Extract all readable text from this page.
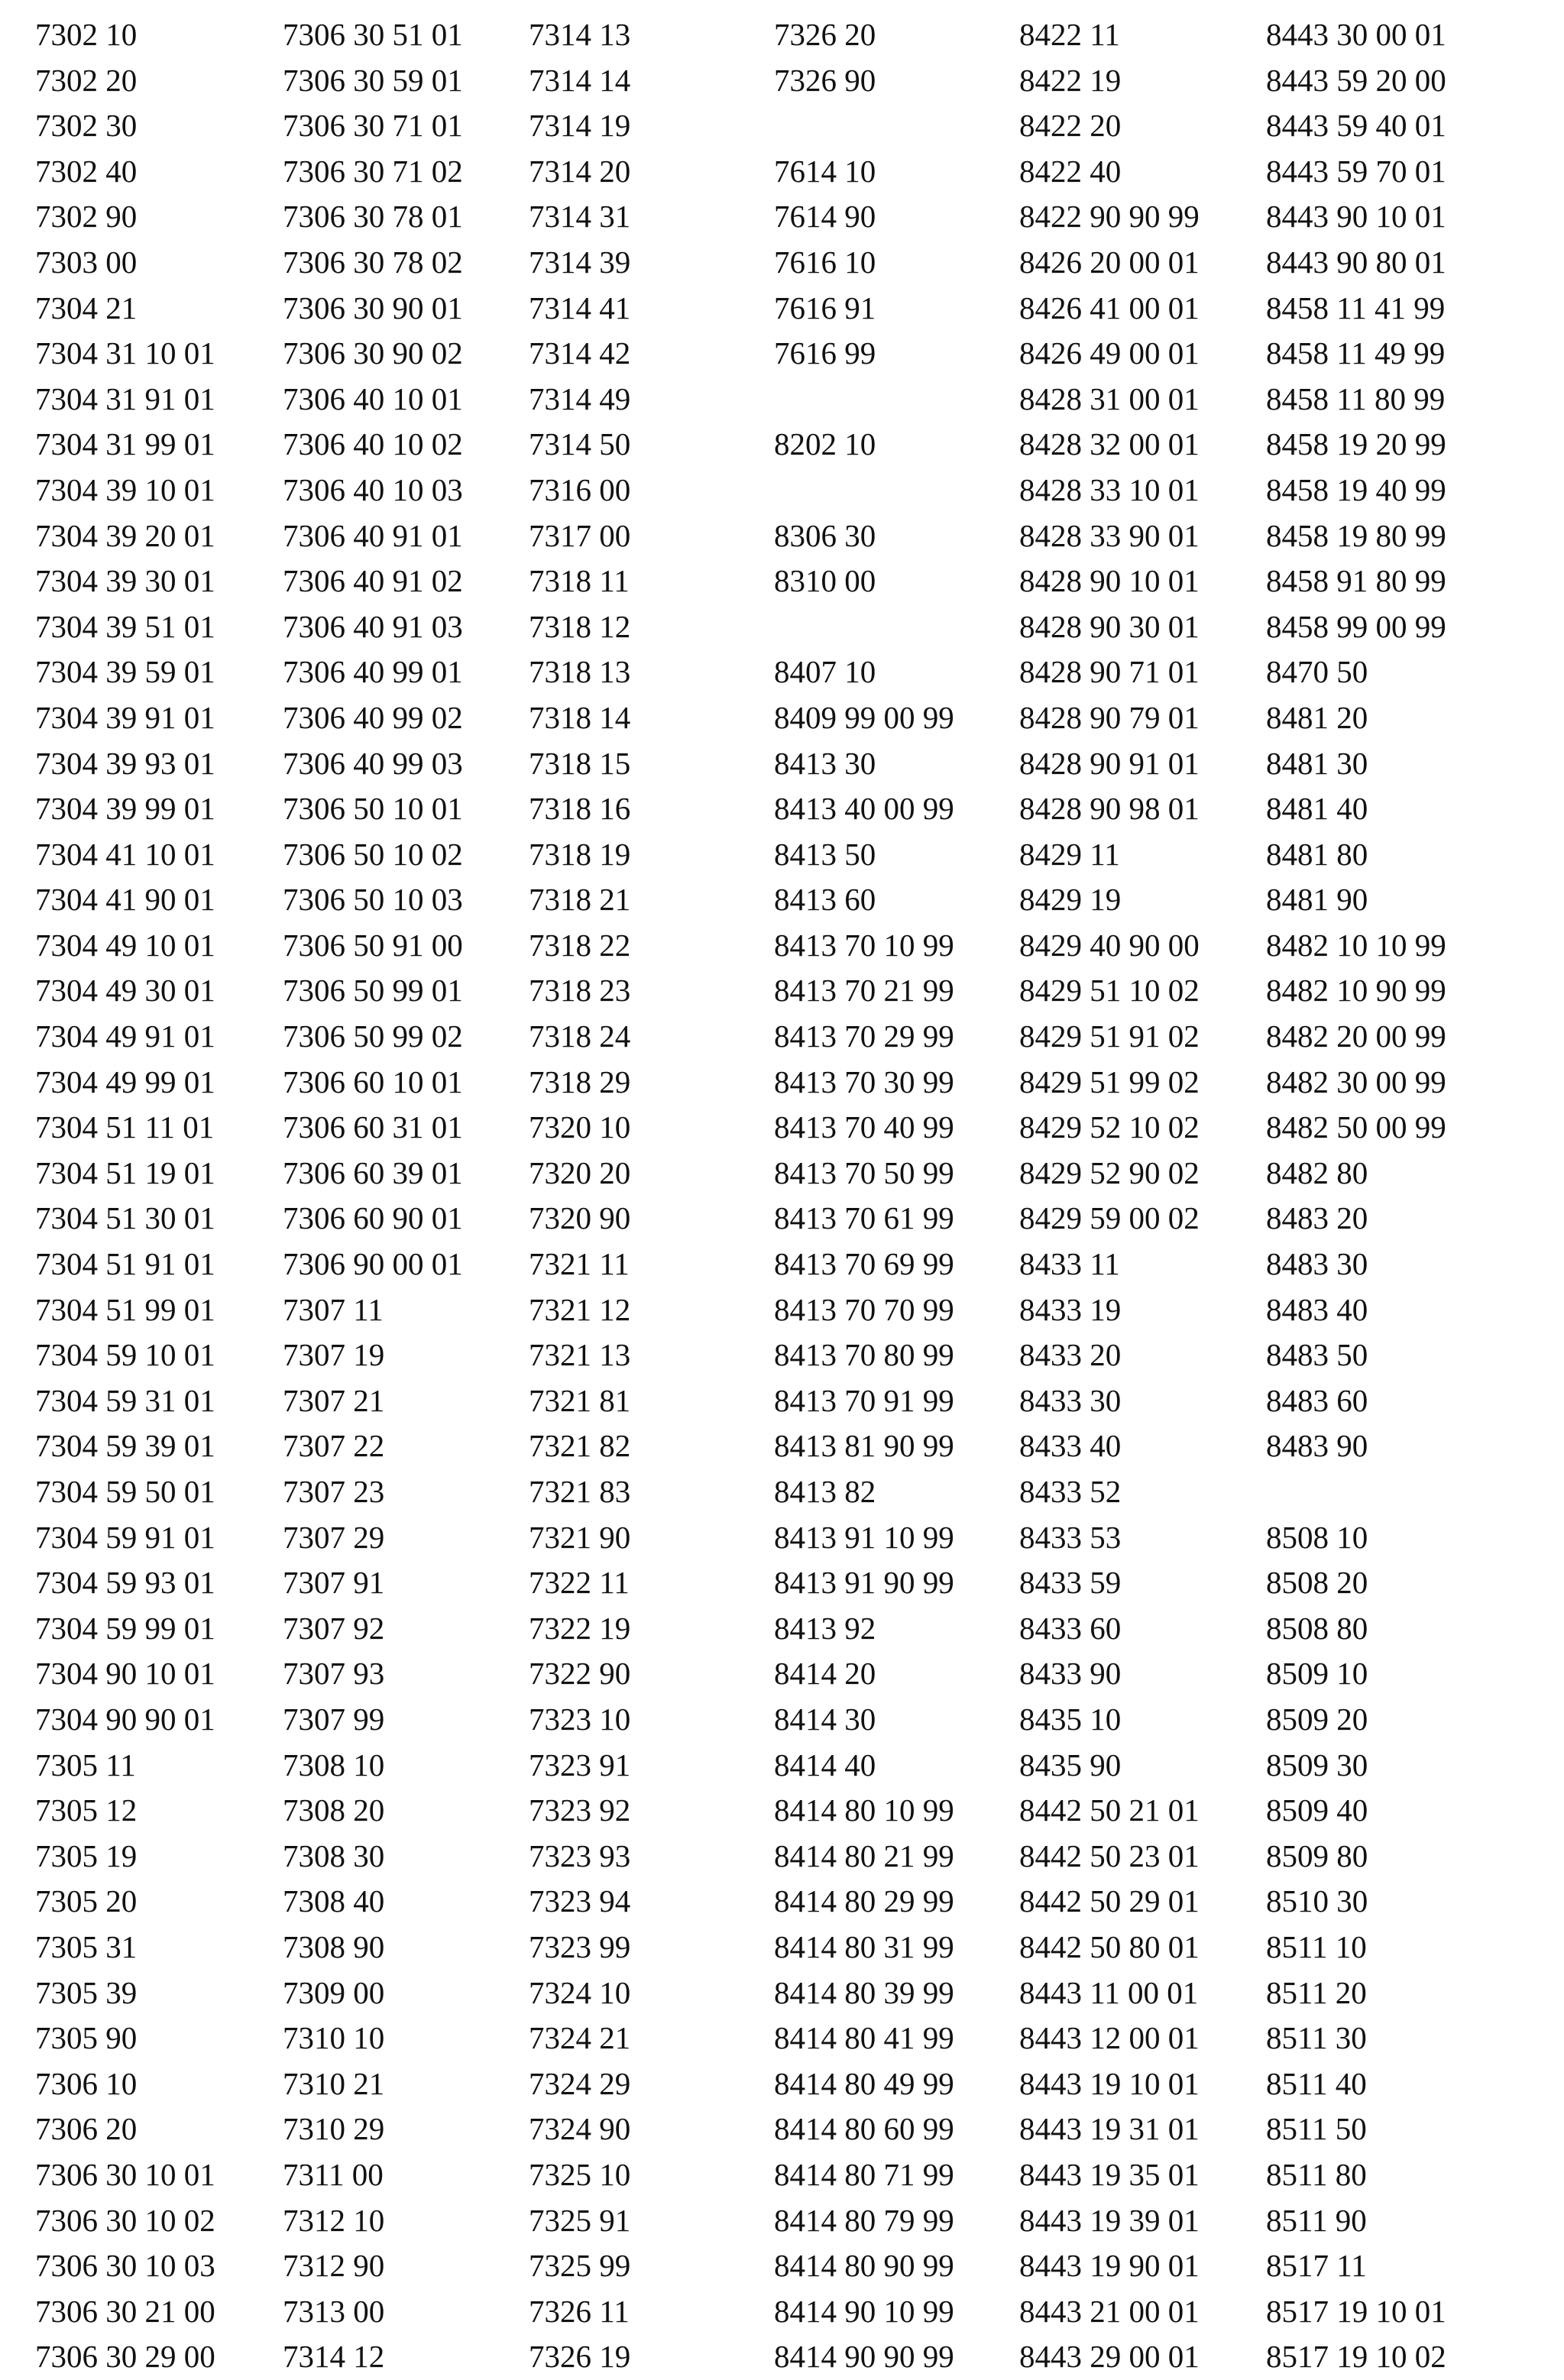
7302 10
7302 20
7302 30
7302 40
7302 90
7303 00
7304 21
7304 31 10 01
7304 31 91 01
7304 31 99 01
7304 39 10 01
7304 39 20 01
7304 39 30 01
7304 39 51 01
7304 39 59 01
7304 39 91 01
7304 39 93 01
7304 39 99 01
7304 41 10 01
7304 41 90 01
7304 49 10 01
7304 49 30 01
7304 49 91 01
7304 49 99 01
7304 51 11 01
7304 51 19 01
7304 51 30 01
7304 51 91 01
7304 51 99 01
7304 59 10 01
7304 59 31 01
7304 59 39 01
7304 59 50 01
7304 59 91 01
7304 59 93 01
7304 59 99 01
7304 90 10 01
7304 90 90 01
7305 11
7305 12
7305 19
7305 20
7305 31
7305 39
7305 90
7306 10
7306 20
7306 30 10 01
7306 30 10 02
7306 30 10 03
7306 30 21 00
7306 30 29 00
7306 30 51 01
7306 30 59 01
7306 30 71 01
7306 30 71 02
7306 30 78 01
7306 30 78 02
7306 30 90 01
7306 30 90 02
7306 40 10 01
7306 40 10 02
7306 40 10 03
7306 40 91 01
7306 40 91 02
7306 40 91 03
7306 40 99 01
7306 40 99 02
7306 40 99 03
7306 50 10 01
7306 50 10 02
7306 50 10 03
7306 50 91 00
7306 50 99 01
7306 50 99 02
7306 60 10 01
7306 60 31 01
7306 60 39 01
7306 60 90 01
7306 90 00 01
7307 11
7307 19
7307 21
7307 22
7307 23
7307 29
7307 91
7307 92
7307 93
7307 99
7308 10
7308 20
7308 30
7308 40
7308 90
7309 00
7310 10
7310 21
7310 29
7311 00
7312 10
7312 90
7313 00
7314 12
7314 13
7314 14
7314 19
7314 20
7314 31
7314 39
7314 41
7314 42
7314 49
7314 50
7316 00
7317 00
7318 11
7318 12
7318 13
7318 14
7318 15
7318 16
7318 19
7318 21
7318 22
7318 23
7318 24
7318 29
7320 10
7320 20
7320 90
7321 11
7321 12
7321 13
7321 81
7321 82
7321 83
7321 90
7322 11
7322 19
7322 90
7323 10
7323 91
7323 92
7323 93
7323 94
7323 99
7324 10
7324 21
7324 29
7324 90
7325 10
7325 91
7325 99
7326 11
7326 19
7326 20
7326 90
7614 10
7614 90
7616 10
7616 91
7616 99
8202 10
8306 30
8310 00
8407 10
8409 99 00 99
8413 30
8413 40 00 99
8413 50
8413 60
8413 70 10 99
8413 70 21 99
8413 70 29 99
8413 70 30 99
8413 70 40 99
8413 70 50 99
8413 70 61 99
8413 70 69 99
8413 70 70 99
8413 70 80 99
8413 70 91 99
8413 81 90 99
8413 82
8413 91 10 99
8413 91 90 99
8413 92
8414 20
8414 30
8414 40
8414 80 10 99
8414 80 21 99
8414 80 29 99
8414 80 31 99
8414 80 39 99
8414 80 41 99
8414 80 49 99
8414 80 60 99
8414 80 71 99
8414 80 79 99
8414 80 90 99
8414 90 10 99
8414 90 90 99
8422 11
8422 19
8422 20
8422 40
8422 90 90 99
8426 20 00 01
8426 41 00 01
8426 49 00 01
8428 31 00 01
8428 32 00 01
8428 33 10 01
8428 33 90 01
8428 90 10 01
8428 90 30 01
8428 90 71 01
8428 90 79 01
8428 90 91 01
8428 90 98 01
8429 11
8429 19
8429 40 90 00
8429 51 10 02
8429 51 91 02
8429 51 99 02
8429 52 10 02
8429 52 90 02
8429 59 00 02
8433 11
8433 19
8433 20
8433 30
8433 40
8433 52
8433 53
8433 59
8433 60
8433 90
8435 10
8435 90
8442 50 21 01
8442 50 23 01
8442 50 29 01
8442 50 80 01
8443 11 00 01
8443 12 00 01
8443 19 10 01
8443 19 31 01
8443 19 35 01
8443 19 39 01
8443 19 90 01
8443 21 00 01
8443 29 00 01
8443 30 00 01
8443 59 20 00
8443 59 40 01
8443 59 70 01
8443 90 10 01
8443 90 80 01
8458 11 41 99
8458 11 49 99
8458 11 80 99
8458 19 20 99
8458 19 40 99
8458 19 80 99
8458 91 80 99
8458 99 00 99
8470 50
8481 20
8481 30
8481 40
8481 80
8481 90
8482 10 10 99
8482 10 90 99
8482 20 00 99
8482 30 00 99
8482 50 00 99
8482 80
8483 20
8483 30
8483 40
8483 50
8483 60
8483 90
8508 10
8508 20
8508 80
8509 10
8509 20
8509 30
8509 40
8509 80
8510 30
8511 10
8511 20
8511 30
8511 40
8511 50
8511 80
8511 90
8517 11
8517 19 10 01
8517 19 10 02
